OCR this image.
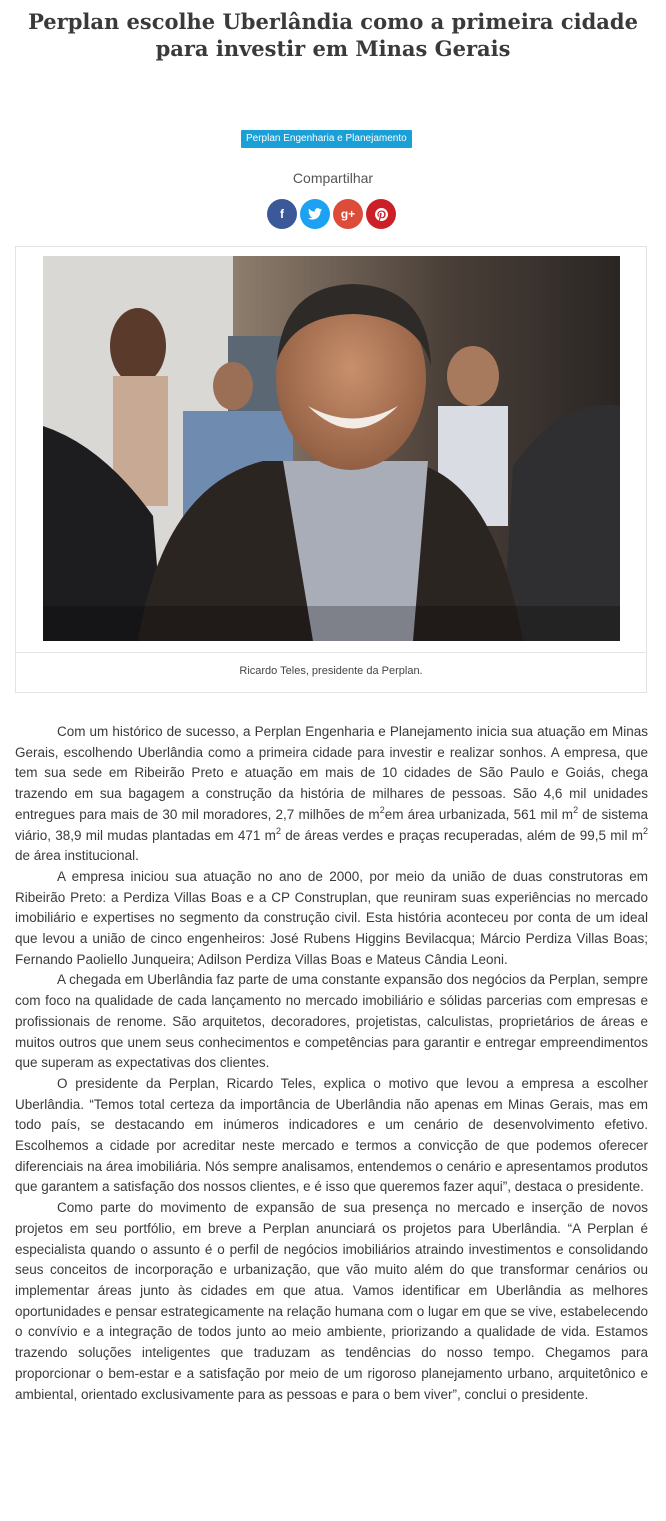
Perplan escolhe Uberlândia como a primeira cidade
para investir em Minas Gerais
Perplan Engenharia e Planejamento
Compartilhar
f	g+
Ricardo Teles, presidente da Perplan.

Com um histórico de sucesso, a Perplan Engenharia e Planejamento inicia sua atuação em Minas Gerais, escolhendo Uberlândia como a primeira cidade para investir e realizar sonhos. A empresa, que tem sua sede em Ribeirão Preto e atuação em mais de 10 cidades de São Paulo e Goiás, chega trazendo em sua bagagem a construção da história de milhares de pessoas. São 4,6 mil unidades entregues para mais de 30 mil moradores, 2,7 milhões de $m^2em$ área urbanizada, 561 mil $m^2$ de sistema viário, 38,9 mil mudas plantadas em 471 $m^2$ de áreas verdes e praças recuperadas, além de 99,5 mil $m^2$ de área institucional.

A empresa iniciou sua atuação no ano de 2000, por meio da união de duas construtoras em Ribeirão Preto: a Perdiza Villas Boas e a CP Construplan, que reuniram suas experiências no mercado imobiliário e expertises no segmento da construção civil. Esta história aconteceu por conta de um ideal que levou a união de cinco engenheiros: José Rubens Higgins Bevilacqua; Márcio Perdiza Villas Boas; Fernando Paoliello Junqueira; Adilson Perdiza Villas Boas e Mateus Cândia Leoni.

A chegada em Uberlândia faz parte de uma constante expansão dos negócios da Perplan, sempre com foco na qualidade de cada lançamento no mercado imobiliário e sólidas parcerias com empresas e profissionais de renome. São arquitetos, decoradores, projetistas, calculistas, proprietários de áreas e muitos outros que unem seus conhecimentos e competências para garantir e entregar empreendimentos que superam as expectativas dos clientes.

O presidente da Perplan, Ricardo Teles, explica o motivo que levou a empresa a escolher Uberlândia. “Temos total certeza da importância de Uberlândia não apenas em Minas Gerais, mas em todo país, se destacando em inúmeros indicadores e um cenário de desenvolvimento efetivo. Escolhemos a cidade por acreditar neste mercado e termos a convicção de que podemos oferecer diferenciais na área imobiliária. Nós sempre analisamos, entendemos o cenário e apresentamos produtos que garantem a satisfação dos nossos clientes, e é isso que queremos fazer aqui”, destaca o presidente.

Como parte do movimento de expansão de sua presença no mercado e inserção de novos projetos em seu portfólio, em breve a Perplan anunciará os projetos para Uberlândia. “A Perplan é especialista quando o assunto é o perfil de negócios imobiliários atraindo investimentos e consolidando seus conceitos de incorporação e urbanização, que vão muito além do que transformar cenários ou implementar áreas junto às cidades em que atua. Vamos identificar em Uberlândia as melhores oportunidades e pensar estrategicamente na relação humana com o lugar em que se vive, estabelecendo o convívio e a integração de todos junto ao meio ambiente, priorizando a qualidade de vida. Estamos trazendo soluções inteligentes que traduzam as tendências do nosso tempo. Chegamos para proporcionar o bem-estar e a satisfação por meio de um rigoroso planejamento urbano, arquitetônico e ambiental, orientado exclusivamente para as pessoas e para o bem viver”, conclui o presidente.
